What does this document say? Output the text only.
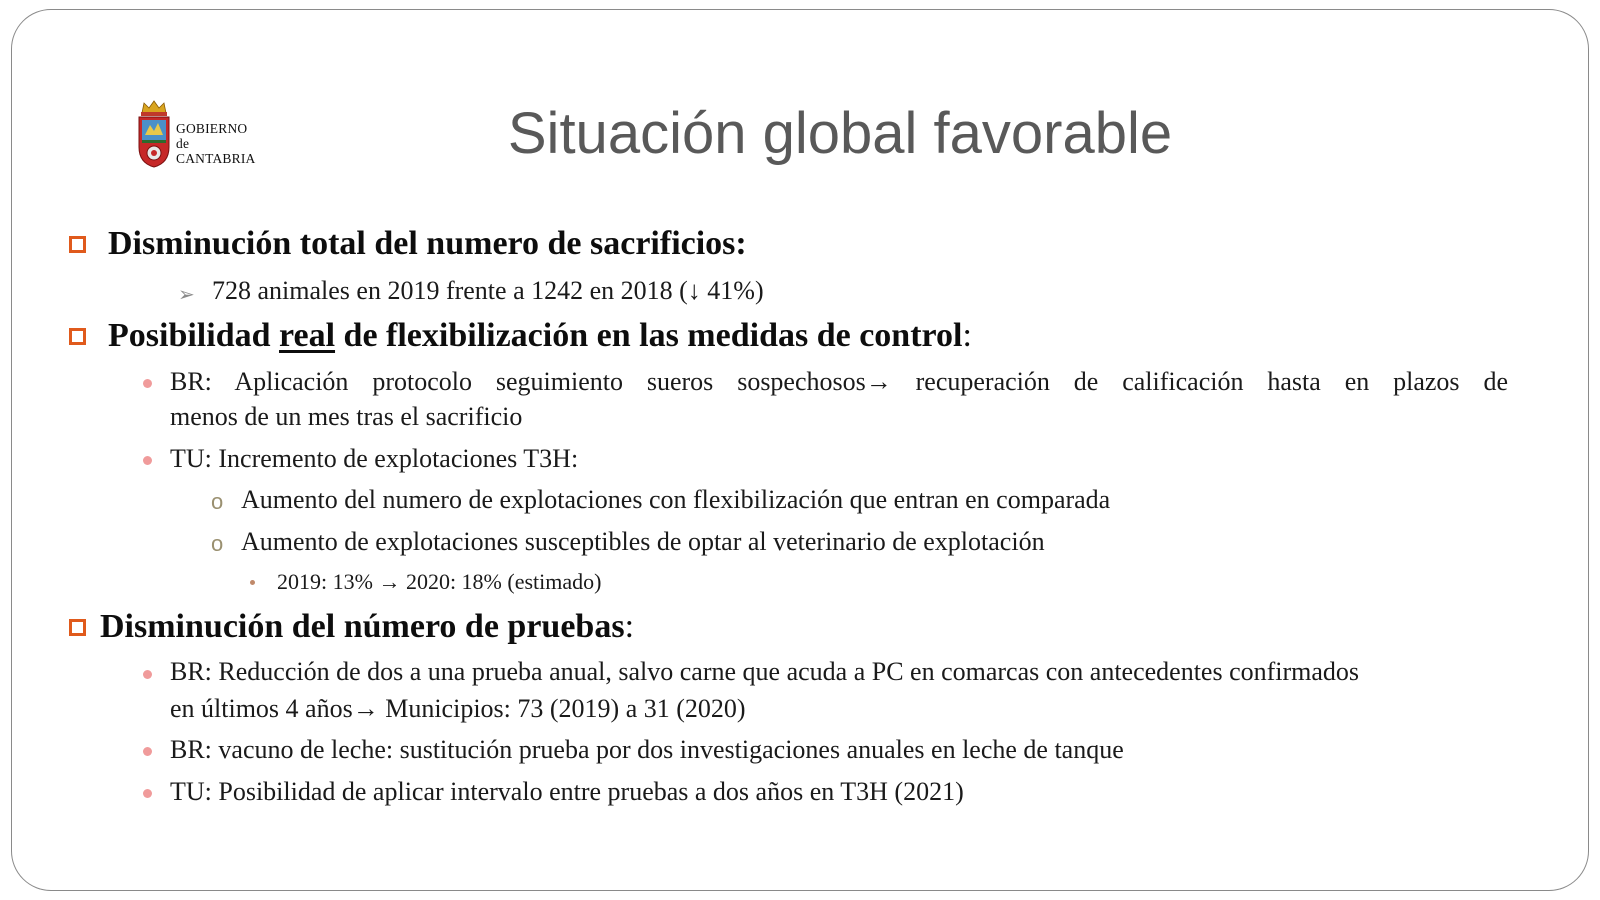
GOBIERNO
de
CANTABRIA	Situación global favorable
Disminución total del numero de sacrificios:
➢ 728 animales en 2019 frente a 1242 en 2018 (↓ 41%)
Posibilidad real de flexibilización en las medidas de control:
BR: Aplicación protocolo seguimiento sueros sospechosos→ recuperación de calificación hasta en plazos de
menos de un mes tras el sacrificio
TU: Incremento de explotaciones T3H:
o Aumento del numero de explotaciones con flexibilización que entran en comparada
o Aumento de explotaciones susceptibles de optar al veterinario de explotación
2019: 13% → 2020: 18% (estimado)
Disminución del número de pruebas:
BR: Reducción de dos a una prueba anual, salvo carne que acuda a PC en comarcas con antecedentes confirmados
en últimos 4 años→ Municipios: 73 (2019) a 31 (2020)
BR: vacuno de leche: sustitución prueba por dos investigaciones anuales en leche de tanque
TU: Posibilidad de aplicar intervalo entre pruebas a dos años en T3H (2021)
